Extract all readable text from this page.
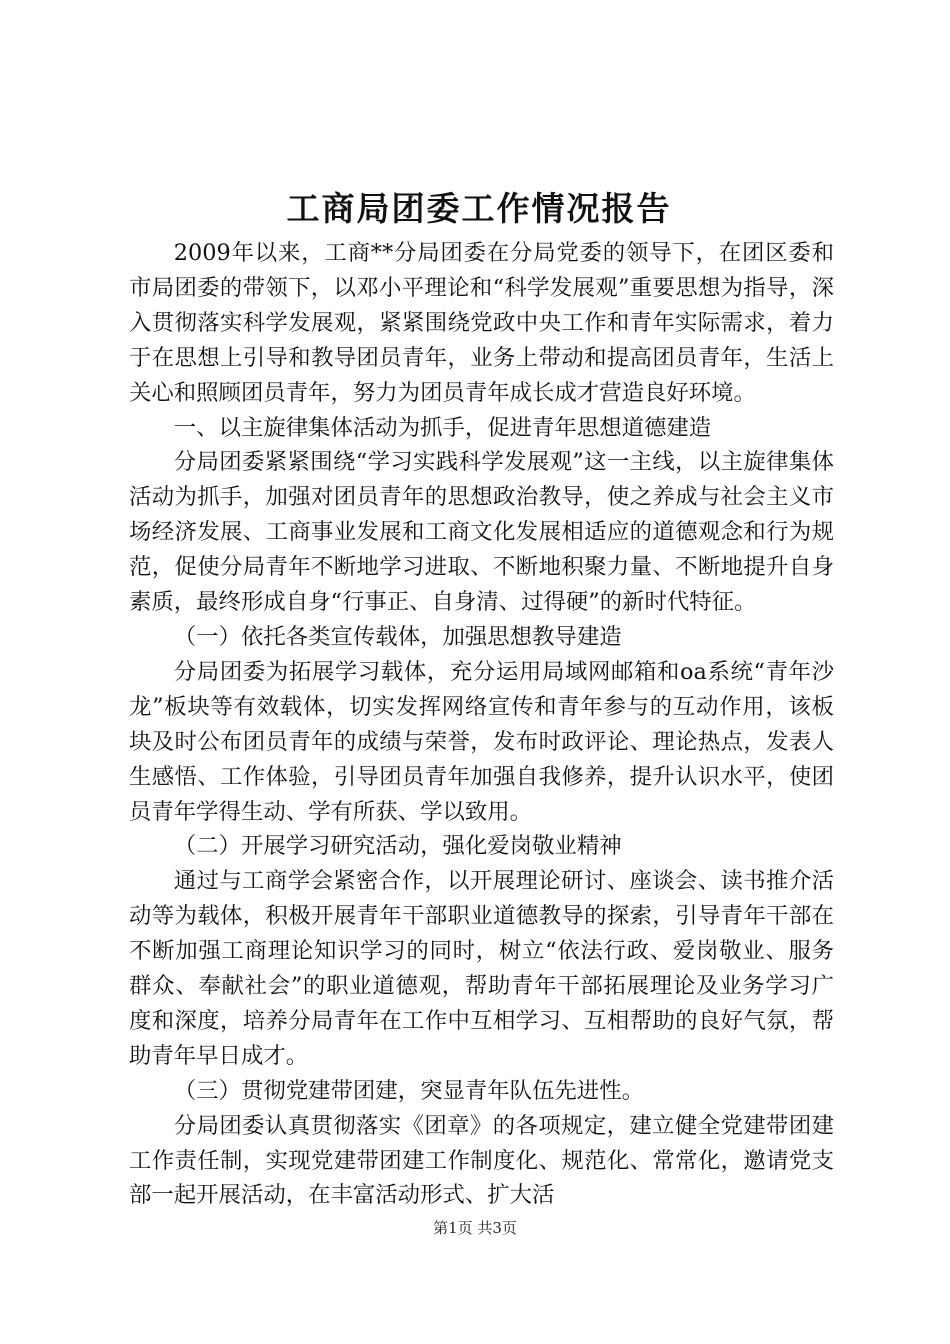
工商局团委工作情况报告

2009年以来，工商**分局团委在分局党委的领导下，在团区委和市局团委的带领下，以邓小平理论和“科学发展观”重要思想为指导，深入贯彻落实科学发展观，紧紧围绕党政中央工作和青年实际需求，着力于在思想上引导和教导团员青年，业务上带动和提高团员青年，生活上关心和照顾团员青年，努力为团员青年成长成才营造良好环境。

一、以主旋律集体活动为抓手，促进青年思想道德建造

分局团委紧紧围绕“学习实践科学发展观”这一主线，以主旋律集体活动为抓手，加强对团员青年的思想政治教导，使之养成与社会主义市场经济发展、工商事业发展和工商文化发展相适应的道德观念和行为规范，促使分局青年不断地学习进取、不断地积聚力量、不断地提升自身素质，最终形成自身“行事正、自身清、过得硬”的新时代特征。

（一）依托各类宣传载体，加强思想教导建造

分局团委为拓展学习载体，充分运用局域网邮箱和oa系统“青年沙龙”板块等有效载体，切实发挥网络宣传和青年参与的互动作用，该板块及时公布团员青年的成绩与荣誉，发布时政评论、理论热点，发表人生感悟、工作体验，引导团员青年加强自我修养，提升认识水平，使团员青年学得生动、学有所获、学以致用。

（二）开展学习研究活动，强化爱岗敬业精神

通过与工商学会紧密合作，以开展理论研讨、座谈会、读书推介活动等为载体，积极开展青年干部职业道德教导的探索，引导青年干部在不断加强工商理论知识学习的同时，树立“依法行政、爱岗敬业、服务群众、奉献社会”的职业道德观，帮助青年干部拓展理论及业务学习广度和深度，培养分局青年在工作中互相学习、互相帮助的良好气氛，帮助青年早日成才。

（三）贯彻党建带团建，突显青年队伍先进性。

分局团委认真贯彻落实《团章》的各项规定，建立健全党建带团建工作责任制，实现党建带团建工作制度化、规范化、常常化，邀请党支部一起开展活动，在丰富活动形式、扩大活

第1页 共3页
